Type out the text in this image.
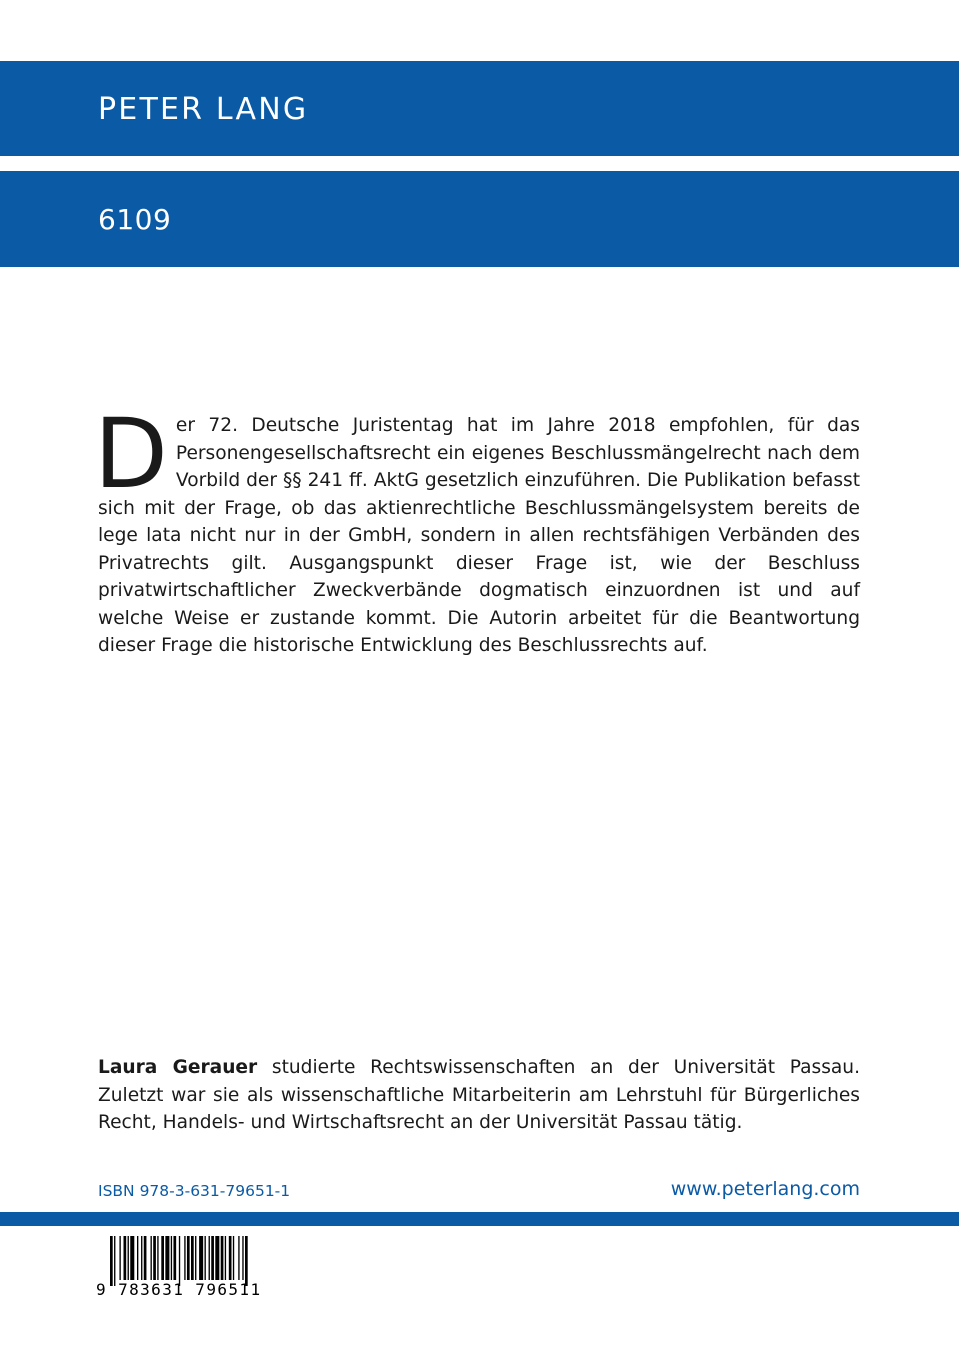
PETER LANG
6109

Der 72. Deutsche Juristentag hat im Jahre 2018 empfohlen, für das Personengesellschaftsrecht ein eigenes Beschlussmängelrecht nach dem Vorbild der §§ 241 ff. AktG gesetzlich einzuführen. Die Publikation befasst sich mit der Frage, ob das aktienrechtliche Beschlussmängelsystem bereits de lege lata nicht nur in der GmbH, sondern in allen rechtsfähigen Verbänden des Privatrechts gilt. Ausgangspunkt dieser Frage ist, wie der Beschluss privatwirtschaftlicher Zweckverbände dogmatisch einzuordnen ist und auf welche Weise er zustande kommt. Die Autorin arbeitet für die Beantwortung dieser Frage die historische Entwicklung des Beschlussrechts auf.

Laura Gerauer studierte Rechtswissenschaften an der Universität Passau. Zuletzt war sie als wissenschaftliche Mitarbeiterin am Lehrstuhl für Bürgerliches Recht, Handels- und Wirtschaftsrecht an der Universität Passau tätig.

ISBN 978-3-631-79651-1	www.peterlang.com
9 783631 796511
